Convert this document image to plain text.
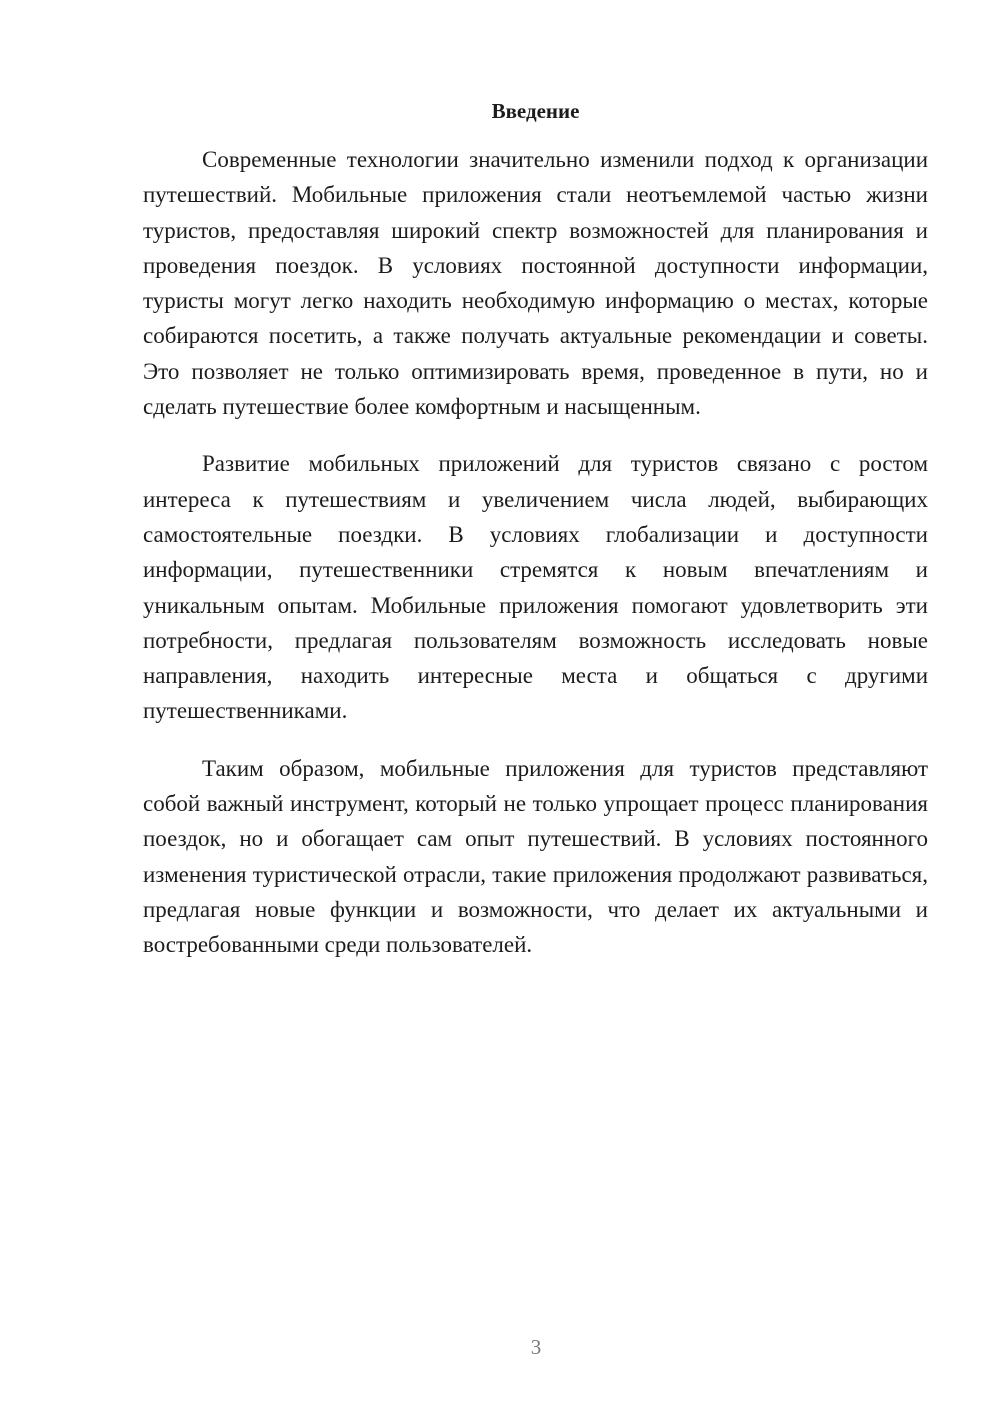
Введение

Современные технологии значительно изменили подход к организации путешествий. Мобильные приложения стали неотъемлемой частью жизни туристов, предоставляя широкий спектр возможностей для планирования и проведения поездок. В условиях постоянной доступности информации, туристы могут легко находить необходимую информацию о местах, которые собираются посетить, а также получать актуальные рекомендации и советы. Это позволяет не только оптимизировать время, проведенное в пути, но и сделать путешествие более комфортным и насыщенным.

Развитие мобильных приложений для туристов связано с ростом интереса к путешествиям и увеличением числа людей, выбирающих самостоятельные поездки. В условиях глобализации и доступности информации, путешественники стремятся к новым впечатлениям и уникальным опытам. Мобильные приложения помогают удовлетворить эти потребности, предлагая пользователям возможность исследовать новые направления, находить интересные места и общаться с другими путешественниками.

Таким образом, мобильные приложения для туристов представляют собой важный инструмент, который не только упрощает процесс планирования поездок, но и обогащает сам опыт путешествий. В условиях постоянного изменения туристической отрасли, такие приложения продолжают развиваться, предлагая новые функции и возможности, что делает их актуальными и востребованными среди пользователей.

3
